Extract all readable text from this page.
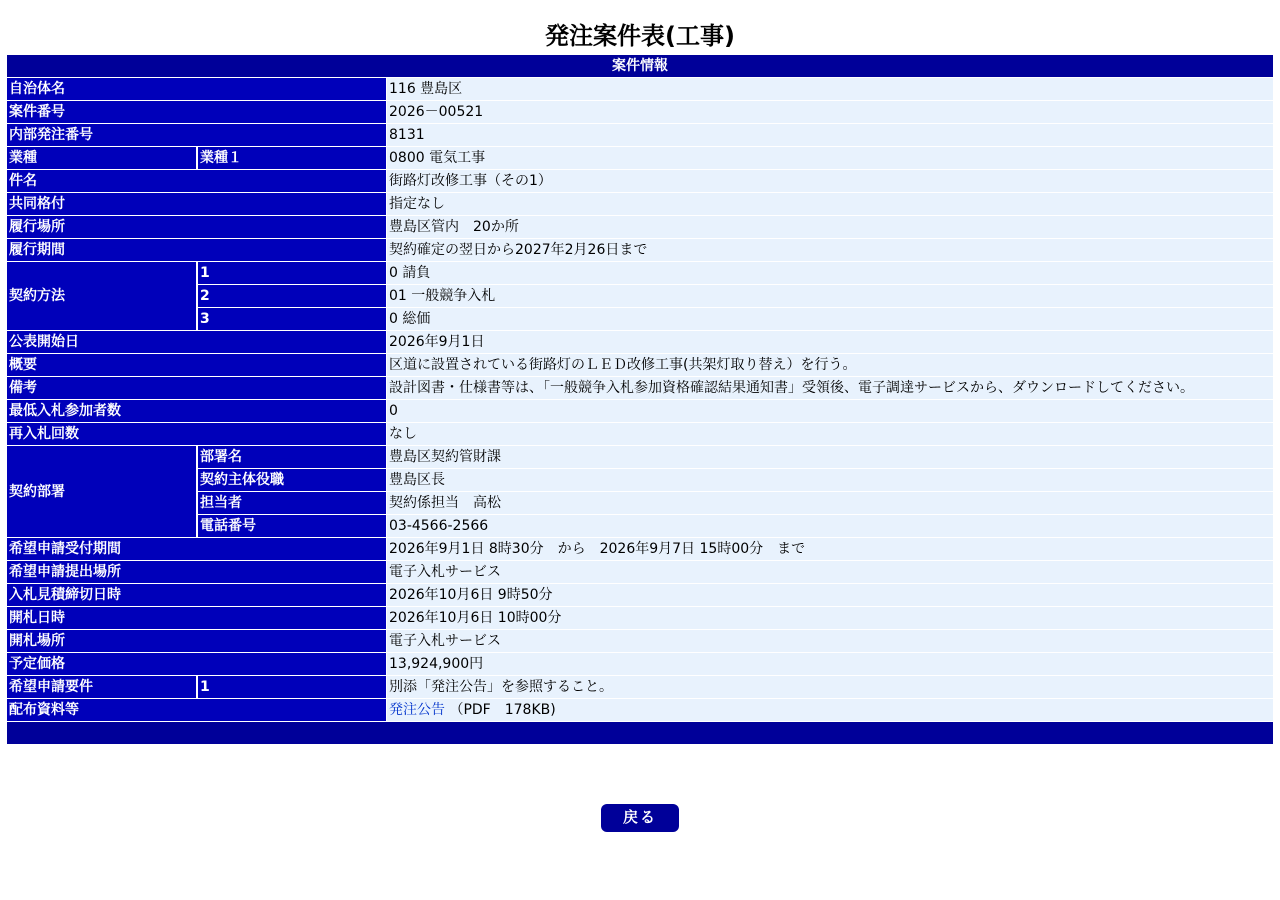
発注案件表(工事)
案件情報		
自治体名		116 豊島区
案件番号		2026－00521
内部発注番号		8131
業種	業種１	0800 電気工事
件名		街路灯改修工事（その1）
共同格付		指定なし
履行場所		豊島区管内　20か所
履行期間		契約確定の翌日から2027年2月26日まで
契約方法	1	0 請負
	2	01 一般競争入札
	3	0 総価
公表開始日		2026年9月1日
概要		区道に設置されている街路灯のＬＥＤ改修工事(共架灯取り替え）を行う。
備考		設計図書・仕様書等は、「一般競争入札参加資格確認結果通知書」受領後、電子調達サービスから、ダウンロードしてください。
最低入札参加者数		0
再入札回数		なし
契約部署	部署名	豊島区契約管財課
	契約主体役職	豊島区長
	担当者	契約係担当　高松
	電話番号	03-4566-2566
希望申請受付期間		2026年9月1日 8時30分　から　2026年9月7日 15時00分　まで
希望申請提出場所		電子入札サービス
入札見積締切日時		2026年10月6日 9時50分
開札日時		2026年10月6日 10時00分
開札場所		電子入札サービス
予定価格		13,924,900円
希望申請要件	1	別添「発注公告」を参照すること。
配布資料等		発注公告 （PDF　178KB)

戻る
